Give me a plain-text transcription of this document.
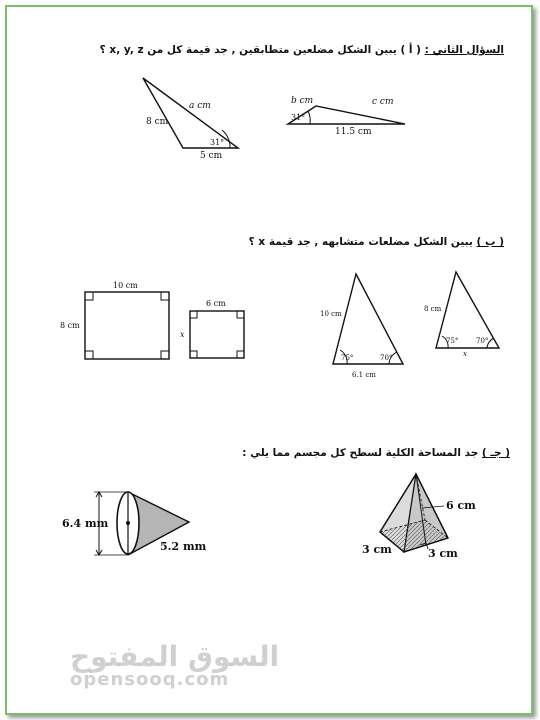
السؤال الثاني : ( أ ) يبين الشكل مضلعين متطابقين , جد قيمة كل من x, y, z ؟
( ب ) يبين الشكل مضلعات متشابهه , جد قيمة x ؟
( جـ ) جد المساحة الكلية لسطح كل مجسم مما يلي :
8 cm
a cm
5 cm
31°
b cm	c cm
11.5 cm
31°
10 cm
8 cm
6 cm
x
10 cm
6.1 cm
75°	70°
8 cm
x
75°	70°
6.4 mm
5.2 mm
6 cm
3 cm	3 cm
السوق المفتوح
opensooq.com
